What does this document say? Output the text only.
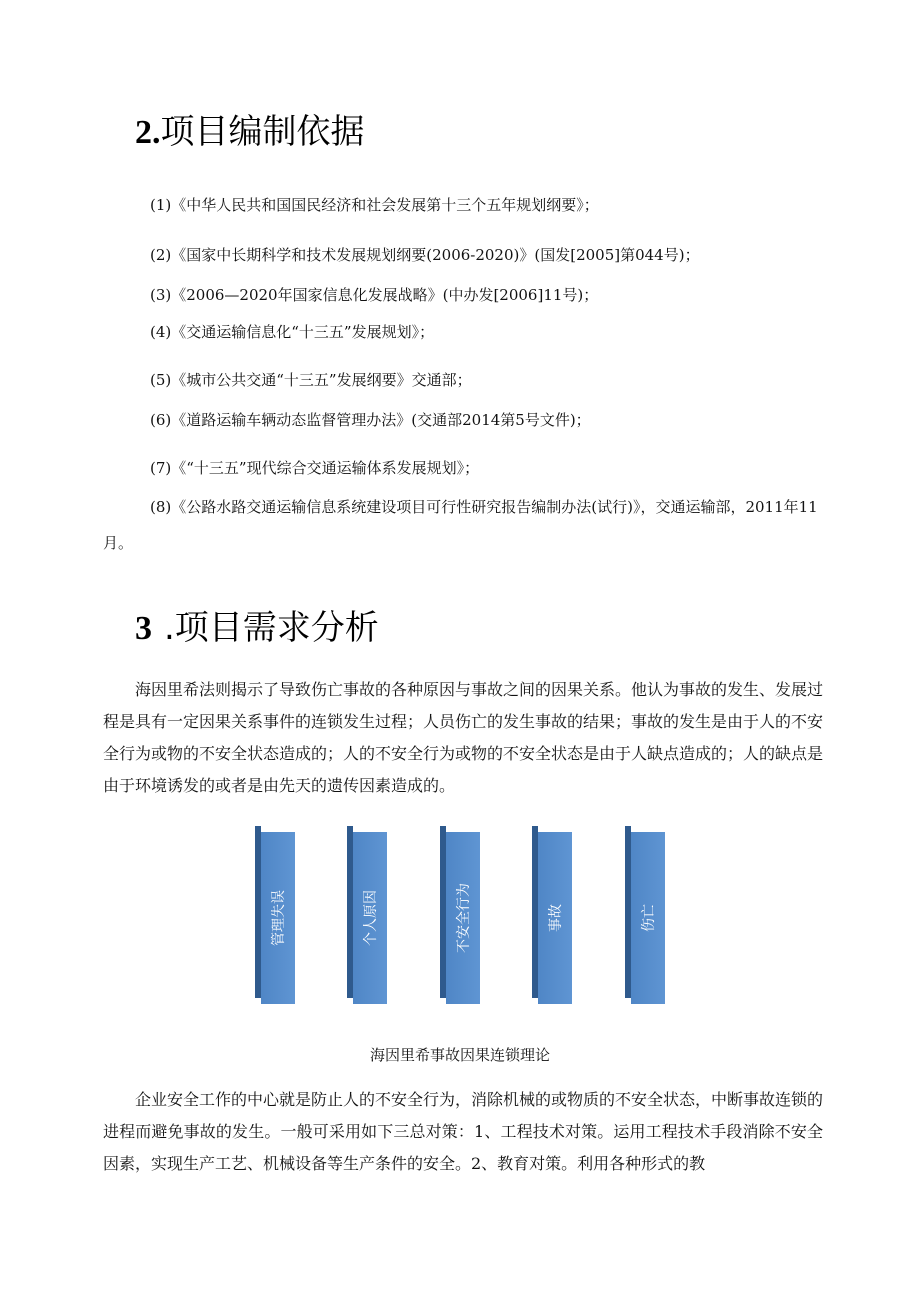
2.项目编制依据

(1)《中华人民共和国国民经济和社会发展第十三个五年规划纲要》；

(2)《国家中长期科学和技术发展规划纲要(2006-2020)》(国发[2005]第044号)；

(3)《2006—2020年国家信息化发展战略》(中办发[2006]11号)；

(4)《交通运输信息化“十三五”发展规划》；

(5)《城市公共交通“十三五”发展纲要》交通部；

(6)《道路运输车辆动态监督管理办法》(交通部2014第5号文件)；

(7)《“十三五”现代综合交通运输体系发展规划》；

(8)《公路水路交通运输信息系统建设项目可行性研究报告编制办法(试行)》，交通运输部，2011年11月。

3 .项目需求分析

海因里希法则揭示了导致伤亡事故的各种原因与事故之间的因果关系。他认为事故的发生、发展过程是具有一定因果关系事件的连锁发生过程；人员伤亡的发生事故的结果；事故的发生是由于人的不安全行为或物的不安全状态造成的；人的不安全行为或物的不安全状态是由于人缺点造成的；人的缺点是由于环境诱发的或者是由先天的遗传因素造成的。

管理失误	个人原因	不安全行为	事故	伤亡

海因里希事故因果连锁理论

企业安全工作的中心就是防止人的不安全行为，消除机械的或物质的不安全状态，中断事故连锁的进程而避免事故的发生。一般可采用如下三总对策：1、工程技术对策。运用工程技术手段消除不安全因素，实现生产工艺、机械设备等生产条件的安全。2、教育对策。利用各种形式的教
